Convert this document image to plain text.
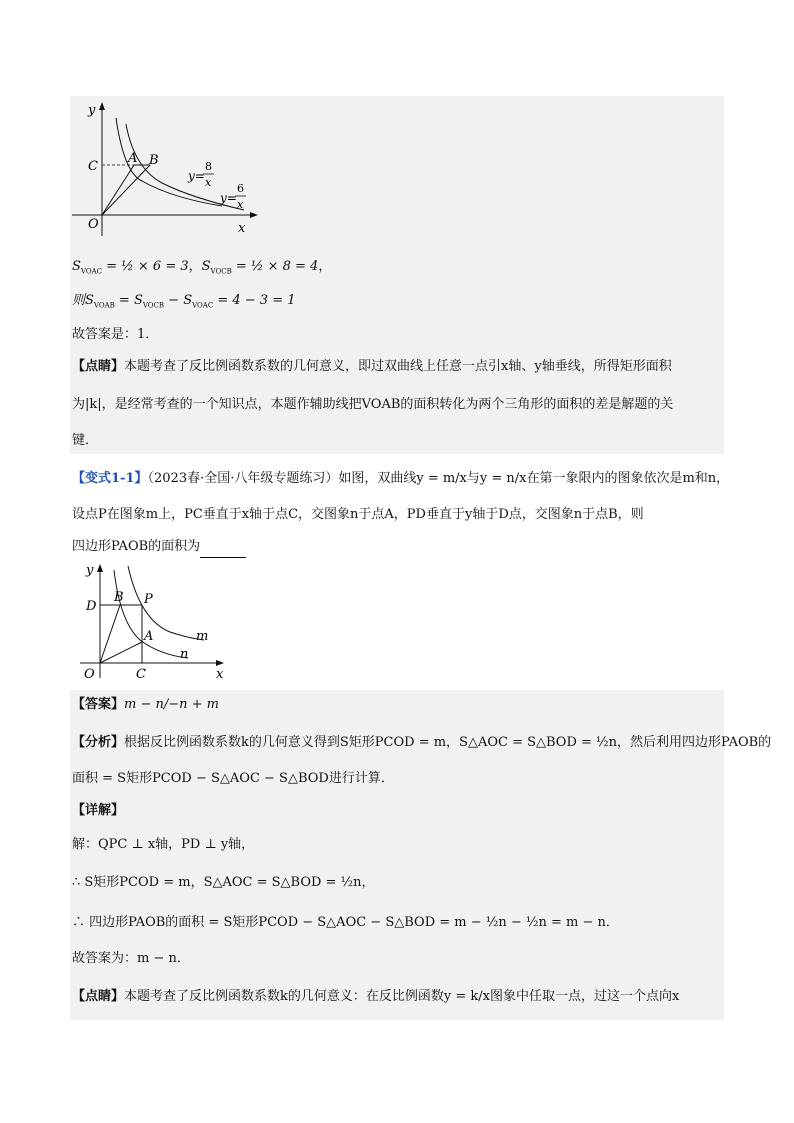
y
x
O
C
A B
y=
8
x
y=
6
x
$S_{VOAC}$ = ½ × 6 = 3，$S_{VOCB}$ = ½ × 8 = 4，
则$S_{VOAB} = S_{VOCB} - S_{VOAC} = 4 - 3 = 1$
故答案是：1．
【点睛】本题考查了反比例函数系数的几何意义，即过双曲线上任意一点引x轴、y轴垂线，所得矩形面积
为|k|，是经常考查的一个知识点，本题作辅助线把VOAB的面积转化为两个三角形的面积的差是解题的关
键．
【变式1-1】（2023春·全国·八年级专题练习）如图，双曲线y = m/x与y = n/x在第一象限内的图象依次是m和n，
设点P在图象m上，PC垂直于x轴于点C，交图象n于点A，PD垂直于y轴于D点，交图象n于点B，则
四边形PAOB的面积为
y
x
O
D
B P
A
C
m
n
【答案】m − n/−n + m
【分析】根据反比例函数系数k的几何意义得到S矩形PCOD = m，S△AOC = S△BOD = ½n，然后利用四边形PAOB的
面积 = S矩形PCOD − S△AOC − S△BOD进行计算．
【详解】
解：QPC ⊥ x轴，PD ⊥ y轴，
∴ S矩形PCOD = m，S△AOC = S△BOD = ½n，
∴ 四边形PAOB的面积 = S矩形PCOD − S△AOC − S△BOD = m − ½n − ½n = m − n．
故答案为：m − n．
【点睛】本题考查了反比例函数系数k的几何意义：在反比例函数y = k/x图象中任取一点，过这一个点向x
